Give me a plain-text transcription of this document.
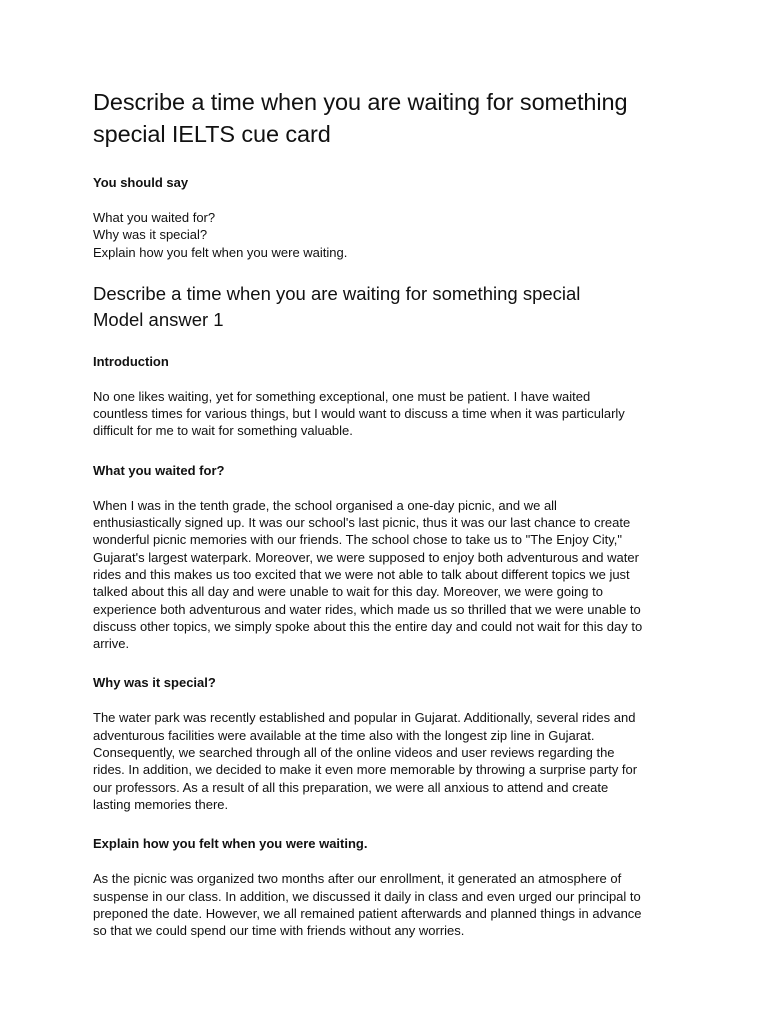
Describe a time when you are waiting for something
special IELTS cue card

You should say

What you waited for?
Why was it special?
Explain how you felt when you were waiting.

Describe a time when you are waiting for something special
Model answer 1

Introduction

No one likes waiting, yet for something exceptional, one must be patient. I have waited
countless times for various things, but I would want to discuss a time when it was particularly
difficult for me to wait for something valuable.

What you waited for?

When I was in the tenth grade, the school organised a one-day picnic, and we all
enthusiastically signed up. It was our school's last picnic, thus it was our last chance to create
wonderful picnic memories with our friends. The school chose to take us to "The Enjoy City,"
Gujarat's largest waterpark. Moreover, we were supposed to enjoy both adventurous and water
rides and this makes us too excited that we were not able to talk about different topics we just
talked about this all day and were unable to wait for this day. Moreover, we were going to
experience both adventurous and water rides, which made us so thrilled that we were unable to
discuss other topics, we simply spoke about this the entire day and could not wait for this day to
arrive.

Why was it special?

The water park was recently established and popular in Gujarat. Additionally, several rides and
adventurous facilities were available at the time also with the longest zip line in Gujarat.
Consequently, we searched through all of the online videos and user reviews regarding the
rides. In addition, we decided to make it even more memorable by throwing a surprise party for
our professors. As a result of all this preparation, we were all anxious to attend and create
lasting memories there.

Explain how you felt when you were waiting.

As the picnic was organized two months after our enrollment, it generated an atmosphere of
suspense in our class. In addition, we discussed it daily in class and even urged our principal to
preponed the date. However, we all remained patient afterwards and planned things in advance
so that we could spend our time with friends without any worries.
